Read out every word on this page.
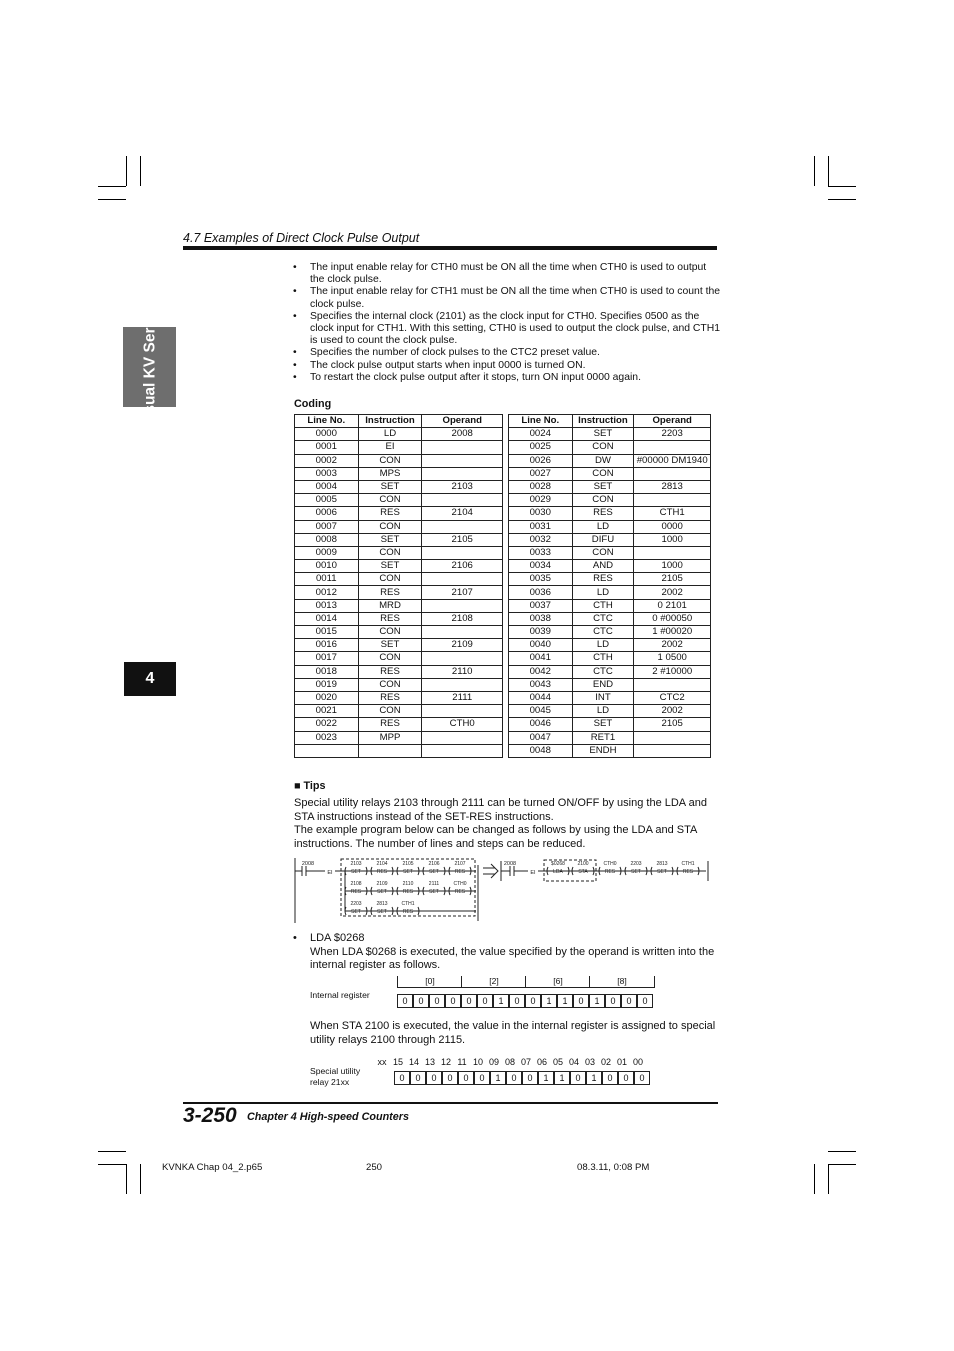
4.7 Examples of Direct Clock Pulse Output
Visual KV Series
4
• The input enable relay for CTH0 must be ON all the time when CTH0 is used to output the clock pulse.
• The input enable relay for CTH1 must be ON all the time when CTH0 is used to count the clock pulse.
• Specifies the internal clock (2101) as the clock input for CTH0. Specifies 0500 as the clock input for CTH1. With this setting, CTH0 is used to output the clock pulse, and CTH1 is used to count the clock pulse.
• Specifies the number of clock pulses to the CTC2 preset value.
• The clock pulse output starts when input 0000 is turned ON.
• To restart the clock pulse output after it stops, turn ON input 0000 again.
Coding
Line No.	Instruction	Operand
0000	LD	2008
0001	EI	
0002	CON	
0003	MPS	
0004	SET	2103
0005	CON	
0006	RES	2104
0007	CON	
0008	SET	2105
0009	CON	
0010	SET	2106
0011	CON	
0012	RES	2107
0013	MRD	
0014	RES	2108
0015	CON	
0016	SET	2109
0017	CON	
0018	RES	2110
0019	CON	
0020	RES	2111
0021	CON	
0022	RES	CTH0
0023	MPP	

Line No.	Instruction	Operand
0024	SET	2203
0025	CON	
0026	DW	#00000 DM1940
0027	CON	
0028	SET	2813
0029	CON	
0030	RES	CTH1
0031	LD	0000
0032	DIFU	1000
0033	CON	
0034	AND	1000
0035	RES	2105
0036	LD	2002
0037	CTH	0 2101
0038	CTC	0 #00050
0039	CTC	1 #00020
0040	LD	2002
0041	CTH	1 0500
0042	CTC	2 #10000
0043	END	
0044	INT	CTC2
0045	LD	2002
0046	SET	2105
0047	RET1	
0048	ENDH	
■ Tips
Special utility relays 2103 through 2111 can be turned ON/OFF by using the LDA and STA instructions instead of the SET-RES instructions.
The example program below can be changed as follows by using the LDA and STA instructions. The number of lines and steps can be reduced.
2008
EI
2103
SET
2104
RES
2105
SET
2106
SET
2107
RES
2108
RES
2109
SET
2110
RES
2111
SET
CTH0
RES
2203
SET
2813
SET
CTH1
RES
2008
EI
$0268
LDA
2100
STA
CTH0
RES
2203
SET
2813
SET
CTH1
RES
• LDA $0268
When LDA $0268 is executed, the value specified by the operand is written into the internal register as follows.
[0]	[2]	[6]	[8]
Internal register
0	0	0	0	0	0	1	0	0	1	1	0	1	0	0	0
When STA 2100 is executed, the value in the internal register is assigned to special utility relays 2100 through 2115.
xx 15 14 13 12 11 10 09 08 07 06 05 04 03 02 01 00
Special utility
relay 21xx	0	0	0	0	0	0	1	0	0	1	1	0	1	0	0	0
3-250 Chapter 4 High-speed Counters
KVNKA Chap 04_2.p65	250	08.3.11, 0:08 PM
